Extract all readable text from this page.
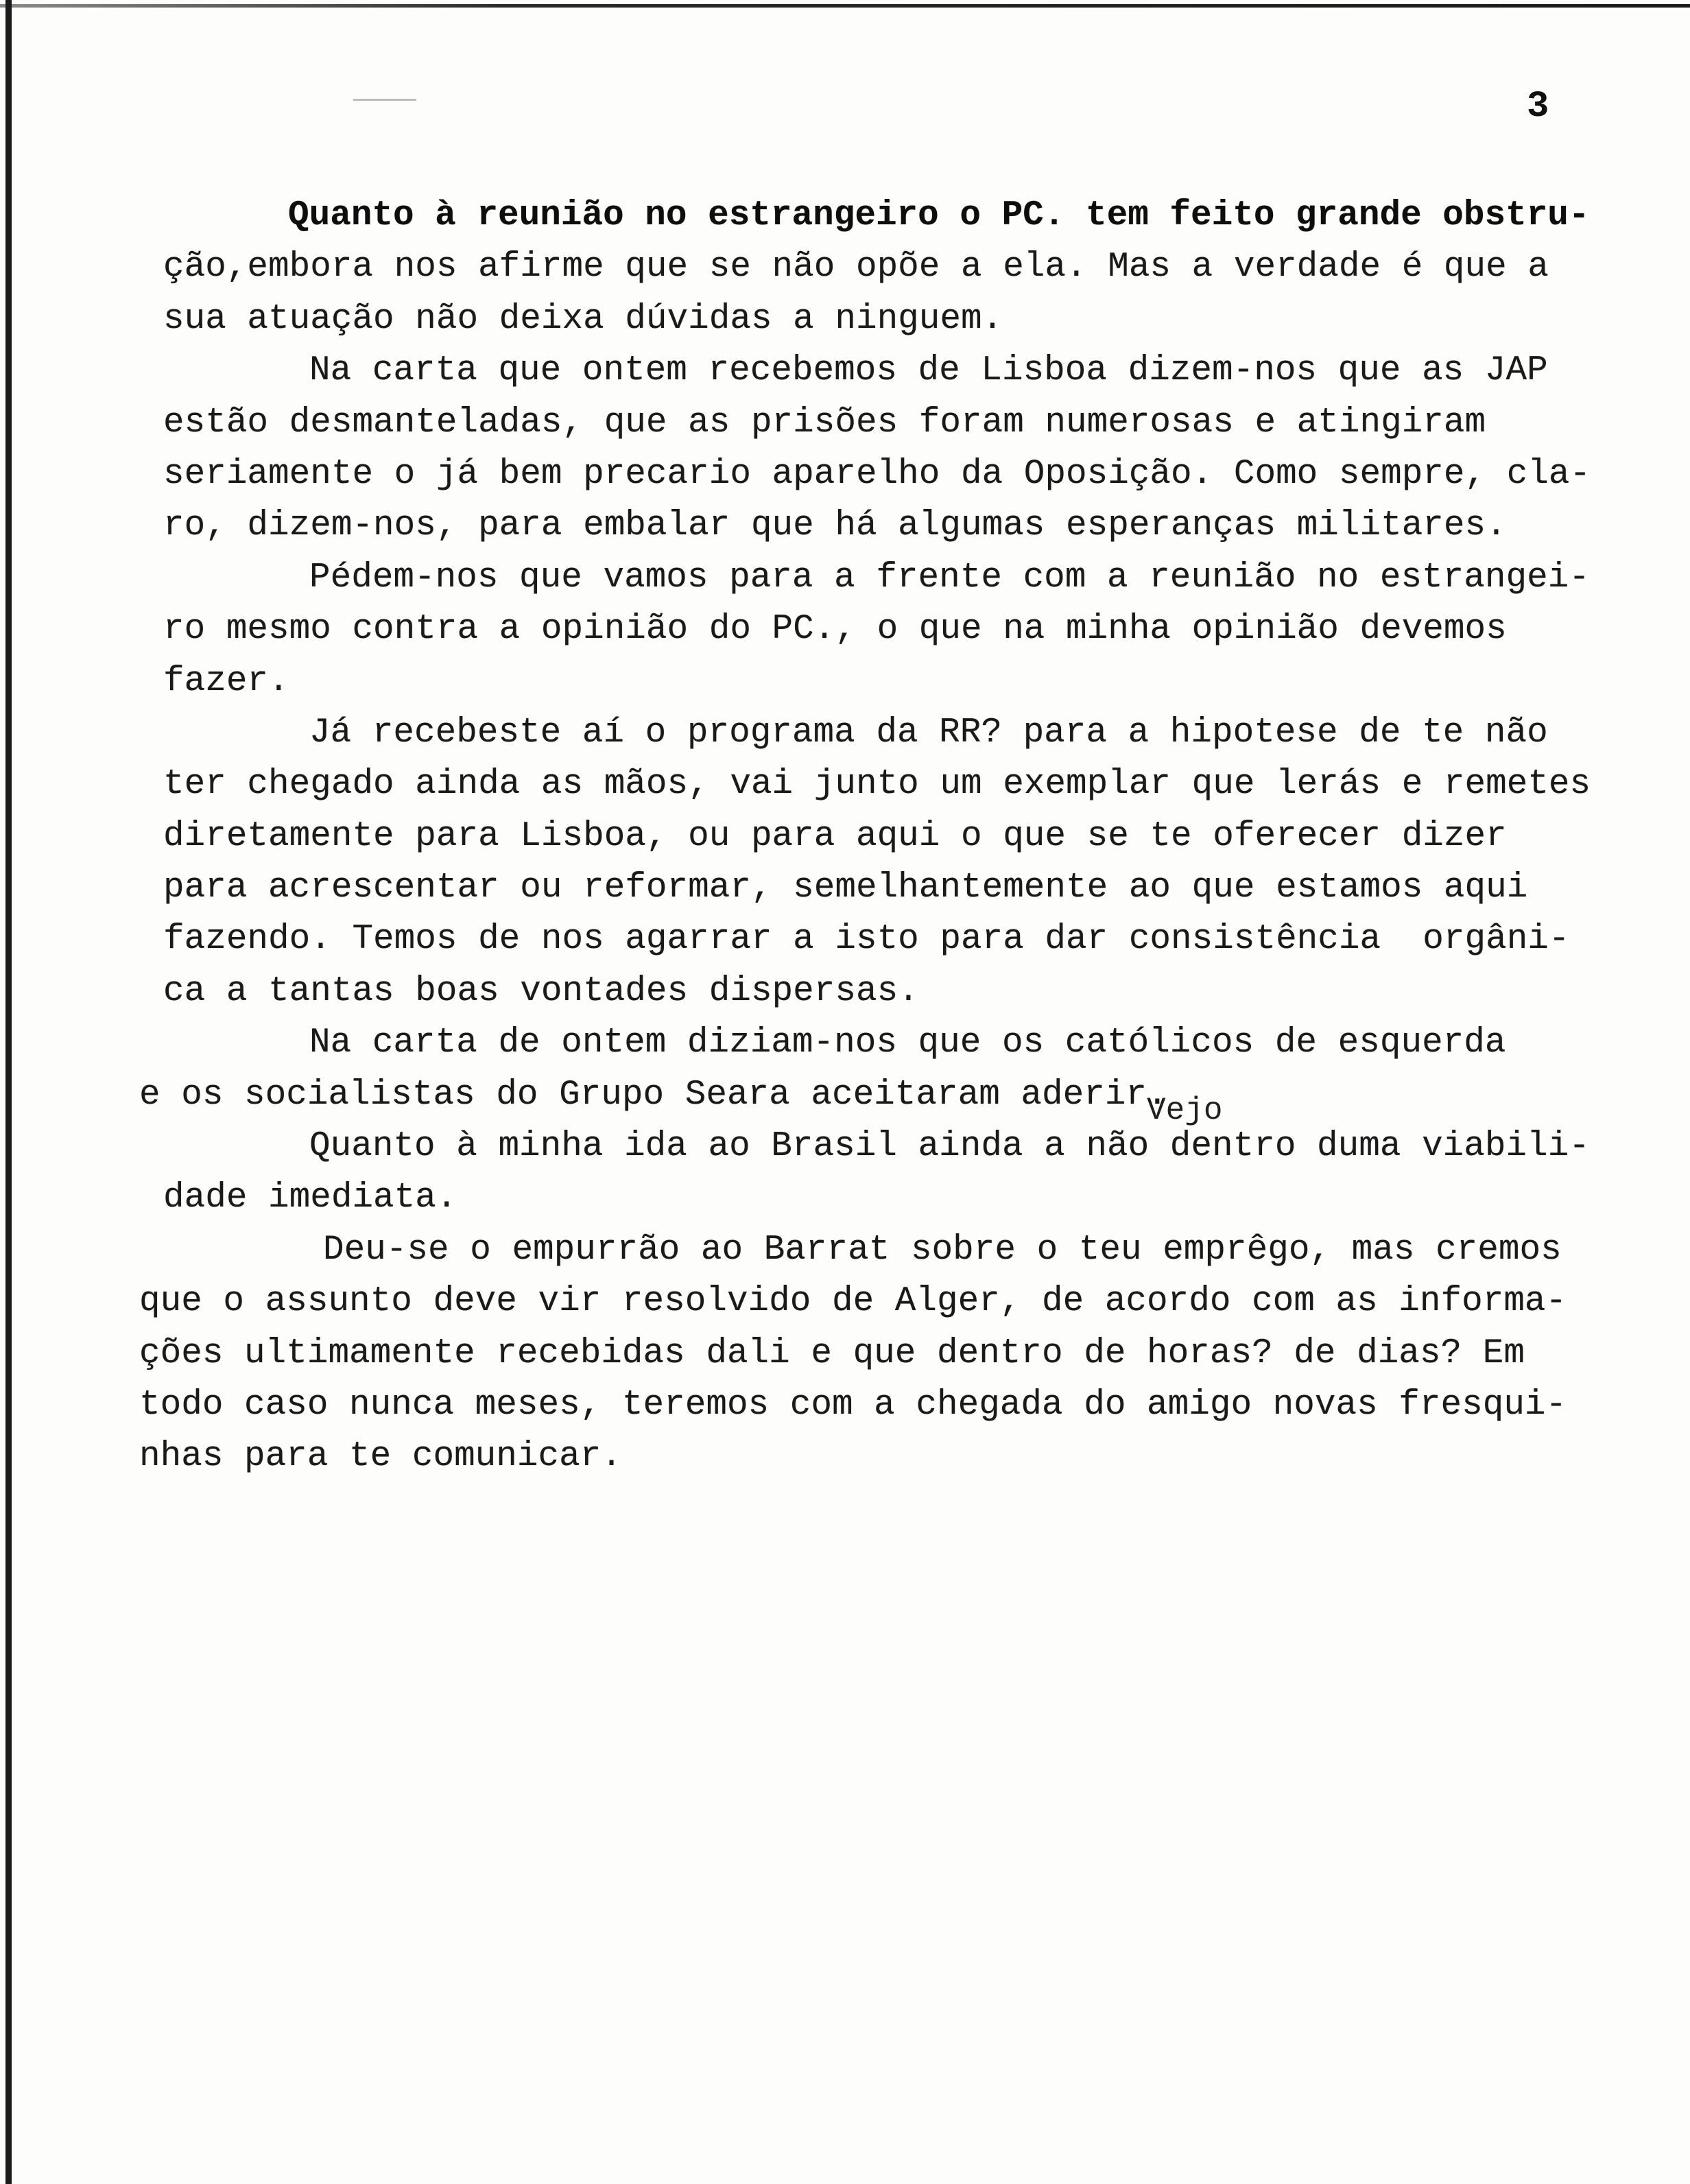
3
Quanto à reunião no estrangeiro o PC. tem feito grande obstru-
ção,embora nos afirme que se não opõe a ela. Mas a verdade é que a
sua atuação não deixa dúvidas a ninguem.
Na carta que ontem recebemos de Lisboa dizem-nos que as JAP
estão desmanteladas, que as prisões foram numerosas e atingiram
seriamente o já bem precario aparelho da Oposição. Como sempre, cla-
ro, dizem-nos, para embalar que há algumas esperanças militares.
Pédem-nos que vamos para a frente com a reunião no estrangei-
ro mesmo contra a opinião do PC., o que na minha opinião devemos
fazer.
Já recebeste aí o programa da RR? para a hipotese de te não
ter chegado ainda as mãos, vai junto um exemplar que lerás e remetes
diretamente para Lisboa, ou para aqui o que se te oferecer dizer
para acrescentar ou reformar, semelhantemente ao que estamos aqui
fazendo. Temos de nos agarrar a isto para dar consistência  orgâni-
ca a tantas boas vontades dispersas.
Na carta de ontem diziam-nos que os católicos de esquerda
e os socialistas do Grupo Seara aceitaram aderir.
Quanto à minha ida ao Brasil ainda a não dentro duma viabili-
dade imediata.
Deu-se o empurrão ao Barrat sobre o teu emprêgo, mas cremos
que o assunto deve vir resolvido de Alger, de acordo com as informa-
ções ultimamente recebidas dali e que dentro de horas? de dias? Em
todo caso nunca meses, teremos com a chegada do amigo novas fresqui-
nhas para te comunicar.
Vejo
